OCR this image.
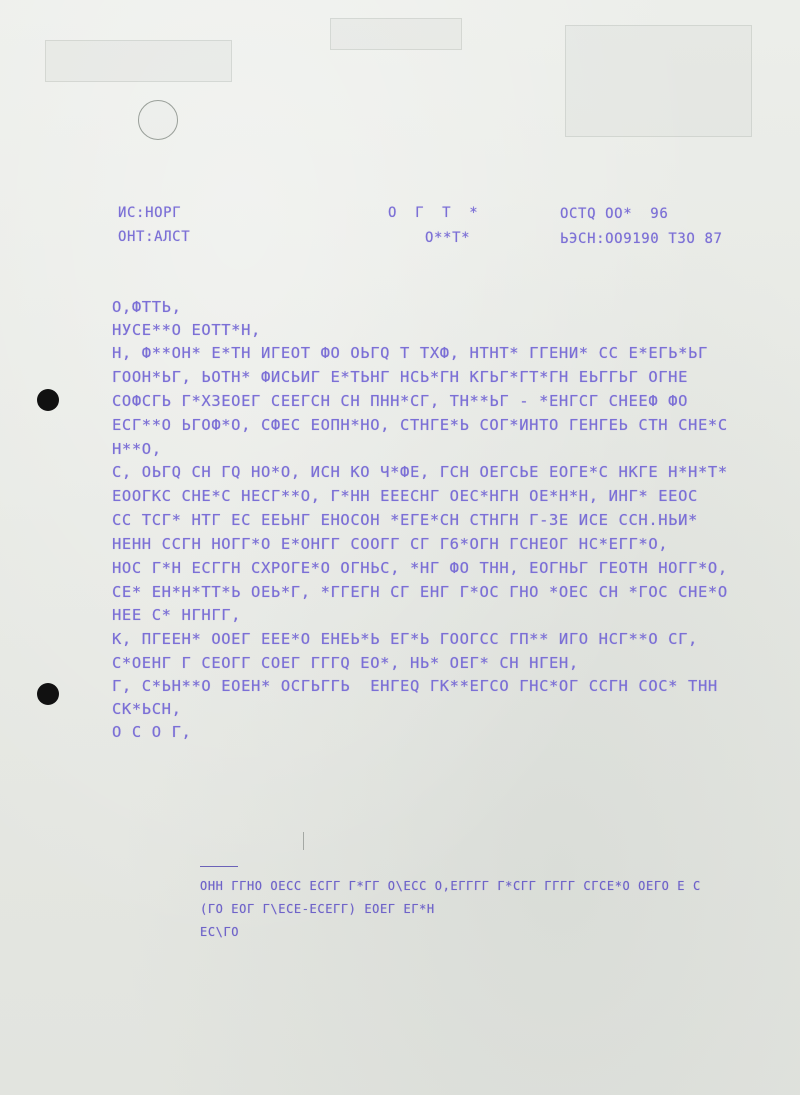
ИС:НОРГ
ОНТ:АЛСТ
О  Г  Т  *
О**Т*
ОСТQ ОО*  96
ЬЭСН:ОО9190 ТЗО 87
О,ФТТЬ,
НУСЕ**О ЕОТТ*Н,
Н, Ф**ОН* Е*ТН ИГЕОТ ФО ОЬГQ Т ТХФ, НТНТ* ГГЕНИ* СС Е*ЕГЬ*ЬГ
ГООН*ЬГ, ЬОТН* ФИСЬИГ Е*ТЬНГ НСЬ*ГН КГЬГ*ГТ*ГН ЕЬГГЬГ ОГНЕ
СОФСГЬ Г*ХЗЕОЕГ СЕЕГСН СН ПНН*СГ, ТН**ЬГ - *ЕНГСГ СНЕЕФ ФО
ЕСГ**О ЬГОФ*О, СФЕС ЕОПН*НО, СТНГЕ*Ь СОГ*ИНТО ГЕНГЕЬ СТН СНЕ*С
Н**О,
С, ОЬГQ СН ГQ НО*О, ИСН КО Ч*ФЕ, ГСН ОЕГСЬЕ ЕОГЕ*С НКГЕ Н*Н*Т*
ЕООГКС СНЕ*С НЕСГ**О, Г*НН ЕЕЕСНГ ОЕС*НГН ОЕ*Н*Н, ИНГ* ЕЕОС
СС ТСГ* НТГ ЕС ЕЕЬНГ ЕНОСОН *ЕГЕ*СН СТНГН Г-ЗЕ ИСЕ ССН.НЬИ*
НЕНН ССГН НОГГ*О Е*ОНГГ СООГГ СГ Г6*ОГН ГСНЕОГ НС*ЕГГ*О,
НОС Г*Н ЕСГГН СХРОГЕ*О ОГНЬС, *НГ ФО ТНН, ЕОГНЬГ ГЕОТН НОГГ*О,
СЕ* ЕН*Н*ТТ*Ь ОЕЬ*Г, *ГГЕГН СГ ЕНГ Г*ОС ГНО *ОЕС СН *ГОС СНЕ*О
НЕЕ С* НГНГГ,
К, ПГЕЕН* ООЕГ ЕЕЕ*О ЕНЕЬ*Ь ЕГ*Ь ГООГСС ГП** ИГО НСГ**О СГ,
С*ОЕНГ Г СЕОГГ СОЕГ ГГГQ ЕО*, НЬ* ОЕГ* СН НГЕН,
Г, С*ЬН**О ЕОЕН* ОСГЬГГЬ  ЕНГЕQ ГК**ЕГСО ГНС*ОГ ССГН СОС* ТНН
СК*ЬСН,
О С О Г,
ОНН ГГНО ОЕСС ЕСГГ Г*ГГ О\ЕСС О,ЕГГГГ Г*СГГ ГГГГ СГСЕ*О ОЕГО Е С
(ГО ЕОГ Г\ЕСЕ-ЕСЕГГ) ЕОЕГ ЕГ*Н
ЕС\ГО
